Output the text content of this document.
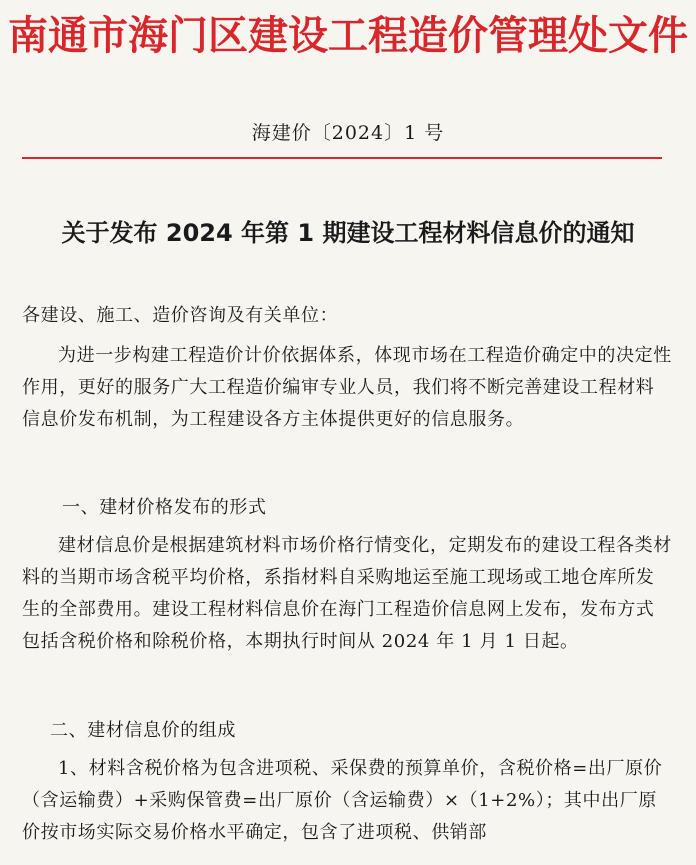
南通市海门区建设工程造价管理处文件
海建价〔2024〕1 号
关于发布 2024 年第 1 期建设工程材料信息价的通知
各建设、施工、造价咨询及有关单位：
为进一步构建工程造价计价依据体系，体现市场在工程造价确定中的决定性作用，更好的服务广大工程造价编审专业人员，我们将不断完善建设工程材料信息价发布机制，为工程建设各方主体提供更好的信息服务。
一、建材价格发布的形式
建材信息价是根据建筑材料市场价格行情变化，定期发布的建设工程各类材料的当期市场含税平均价格，系指材料自采购地运至施工现场或工地仓库所发生的全部费用。建设工程材料信息价在海门工程造价信息网上发布，发布方式包括含税价格和除税价格，本期执行时间从 2024 年 1 月 1 日起。
二、建材信息价的组成
1、材料含税价格为包含进项税、采保费的预算单价，含税价格=出厂原价（含运输费）+采购保管费=出厂原价（含运输费）×（1+2%）；其中出厂原价按市场实际交易价格水平确定，包含了进项税、供销部
